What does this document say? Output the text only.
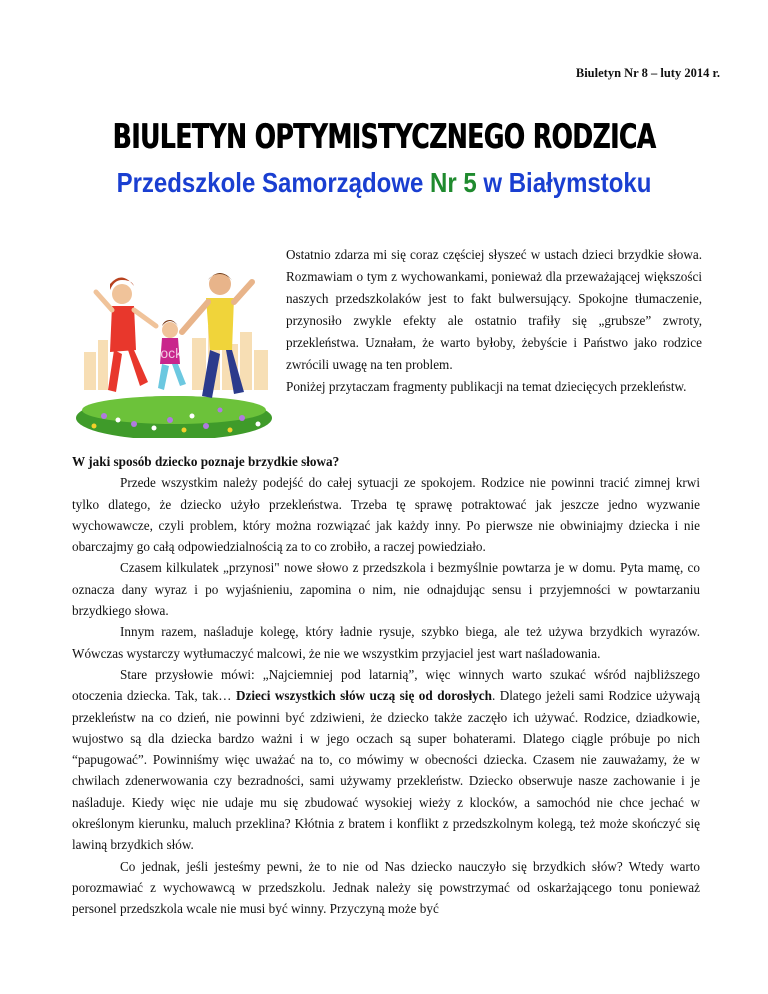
Biuletyn Nr 8 – luty 2014 r.
BIULETYN OPTYMISTYCZNEGO RODZICA
Przedszkole Samorządowe Nr 5 w Białymstoku
iStock

Ostatnio zdarza mi się coraz częściej słyszeć w ustach dzieci brzydkie słowa. Rozmawiam o tym z wychowankami, ponieważ dla przeważającej większości naszych przedszkolaków jest to fakt bulwersujący. Spokojne tłumaczenie, przynosiło zwykle efekty ale ostatnio trafiły się „grubsze” zwroty, przekleństwa. Uznałam, że warto byłoby, żebyście i Państwo jako rodzice zwrócili uwagę na ten problem.

Poniżej przytaczam fragmenty publikacji na temat dziecięcych przekleństw.

W jaki sposób dziecko poznaje brzydkie słowa?

Przede wszystkim należy podejść do całej sytuacji ze spokojem. Rodzice nie powinni tracić zimnej krwi tylko dlatego, że dziecko użyło przekleństwa. Trzeba tę sprawę potraktować jak jeszcze jedno wyzwanie wychowawcze, czyli problem, który można rozwiązać jak każdy inny. Po pierwsze nie obwiniajmy dziecka i nie obarczajmy go całą odpowiedzialnością za to co zrobiło, a raczej powiedziało.

Czasem kilkulatek „przynosi" nowe słowo z przedszkola i bezmyślnie powtarza je w domu. Pyta mamę, co oznacza dany wyraz i po wyjaśnieniu, zapomina o nim, nie odnajdując sensu i przyjemności w powtarzaniu brzydkiego słowa.

Innym razem, naśladuje kolegę, który ładnie rysuje, szybko biega, ale też używa brzydkich wyrazów. Wówczas wystarczy wytłumaczyć malcowi, że nie we wszystkim przyjaciel jest wart naśladowania.

Stare przysłowie mówi: „Najciemniej pod latarnią”, więc winnych warto szukać wśród najbliższego otoczenia dziecka. Tak, tak… Dzieci wszystkich słów uczą się od dorosłych. Dlatego jeżeli sami Rodzice używają przekleństw na co dzień, nie powinni być zdziwieni, że dziecko także zaczęło ich używać. Rodzice, dziadkowie, wujostwo są dla dziecka bardzo ważni i w jego oczach są super bohaterami. Dlatego ciągle próbuje po nich “papugować”. Powinniśmy więc uważać na to, co mówimy w obecności dziecka. Czasem nie zauważamy, że w chwilach zdenerwowania czy bezradności, sami używamy przekleństw. Dziecko obserwuje nasze zachowanie i je naśladuje. Kiedy więc nie udaje mu się zbudować wysokiej wieży z klocków, a samochód nie chce jechać w określonym kierunku, maluch przeklina? Kłótnia z bratem i konflikt z przedszkolnym kolegą, też może skończyć się lawiną brzydkich słów.

Co jednak, jeśli jesteśmy pewni, że to nie od Nas dziecko nauczyło się brzydkich słów? Wtedy warto porozmawiać z wychowawcą w przedszkolu. Jednak należy się powstrzymać od oskarżającego tonu ponieważ personel przedszkola wcale nie musi być winny. Przyczyną może być
